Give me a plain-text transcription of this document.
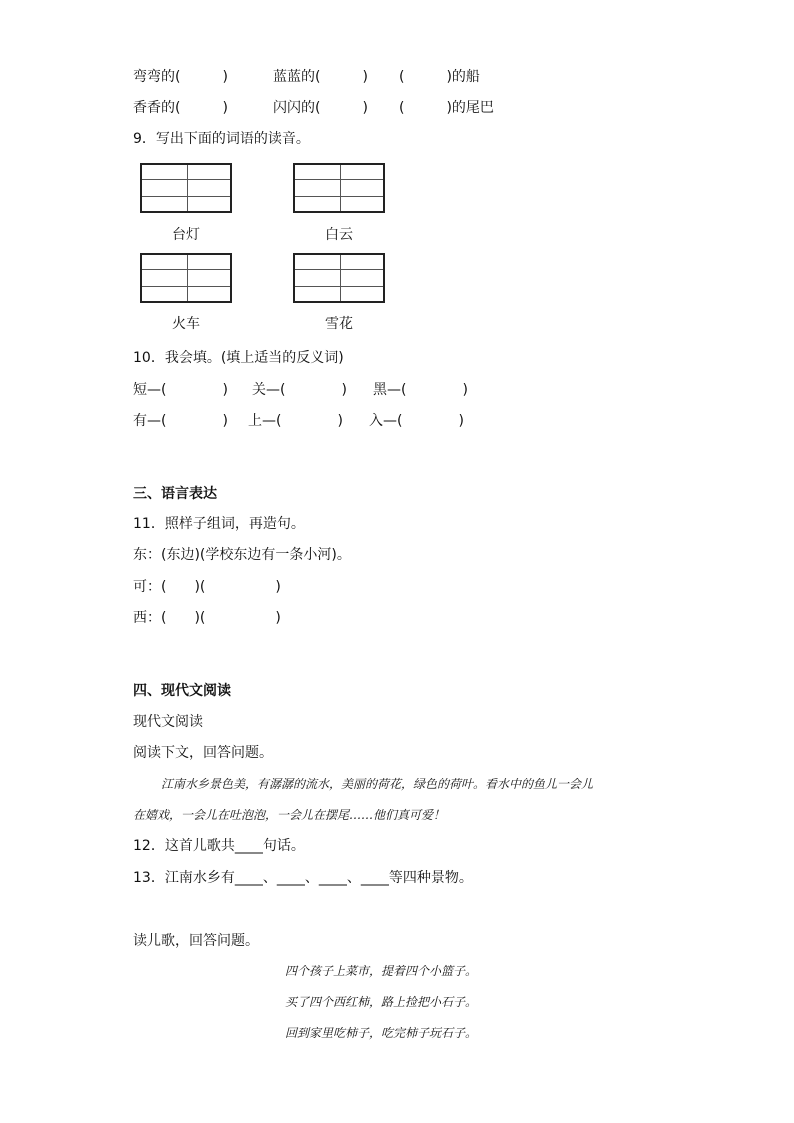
弯弯的(　　　)	蓝蓝的(　　　) (　　　)的船
香香的(　　　)	闪闪的(　　　) (　　　)的尾巴
9．写出下面的词语的读音。
台灯	白云
火车	雪花
10．我会填。(填上适当的反义词)
短—(　　　　) 关—(　　　　) 黑—(　　　　)
有—(　　　　) 上—(　　　　) 入—(　　　　)
三、语言表达
11．照样子组词，再造句。
东：(东边)(学校东边有一条小河)。
可：(　　)(　　　　　)
西：(　　)(　　　　　)
四、现代文阅读
现代文阅读
阅读下文，回答问题。
江南水乡景色美，有潺潺的流水，美丽的荷花，绿色的荷叶。看水中的鱼儿一会儿
在嬉戏，一会儿在吐泡泡，一会儿在摆尾……他们真可爱！
12．这首儿歌共____句话。
13．江南水乡有____、____、____、____等四种景物。
读儿歌，回答问题。
四个孩子上菜市，提着四个小篮子。
买了四个西红柿，路上捡把小石子。
回到家里吃柿子，吃完柿子玩石子。
